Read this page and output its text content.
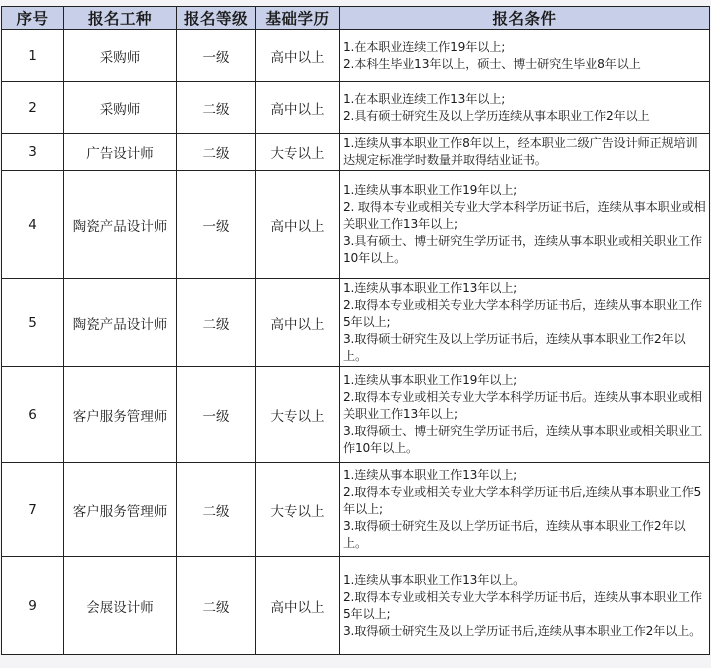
序号	报名工种	报名等级	基础学历	报名条件
1	采购师	一级	高中以上	1.在本职业连续工作19年以上;
2.本科生毕业13年以上，硕士、博士研究生毕业8年以上

2	采购师	二级	高中以上	1.在本职业连续工作13年以上;
2.具有硕士研究生及以上学历连续从事本职业工作2年以上

3	广告设计师	二级	大专以上	1.连续从事本职业工作8年以上，经本职业二级广告设计师正规培训达规定标准学时数量并取得结业证书。

4	陶瓷产品设计师	一级	高中以上	1.连续从事本职业工作19年以上;
2. 取得本专业或相关专业大学本科学历证书后，连续从事本职业或相关职业工作13年以上;
3.具有硕士、博士研究生学历证书，连续从事本职业或相关职业工作10年以上。

5	陶瓷产品设计师	二级	高中以上	1.连续从事本职业工作13年以上;
2.取得本专业或相关专业大学本科学历证书后，连续从事本职业工作5年以上;
3.取得硕士研究生及以上学历证书后，连续从事本职业工作2年以上。

6	客户服务管理师	一级	大专以上	1.连续从事本职业工作19年以上;
2.取得本专业或相关专业大学本科学历证书后。连续从事本职业或相关职业工作13年以上;
3.取得硕士、博士研究生学历证书后，连续从事本职业或相关职业工作10年以上。

7	客户服务管理师	二级	大专以上	1.连续从事本职业工作13年以上;
2.取得本专业或相关专业大学本科学历证书后,连续从事本职业工作5年以上;
3.取得硕士研究生及以上学历证书后，连续从事本职业工作2年以上。

9	会展设计师	二级	高中以上	1.连续从事本职业工作13年以上。
2.取得本专业或相关专业大学本科学历证书后，连续从事本职业工作5年以上;
3.取得硕士研究生及以上学历证书后,连续从事本职业工作2年以上。
